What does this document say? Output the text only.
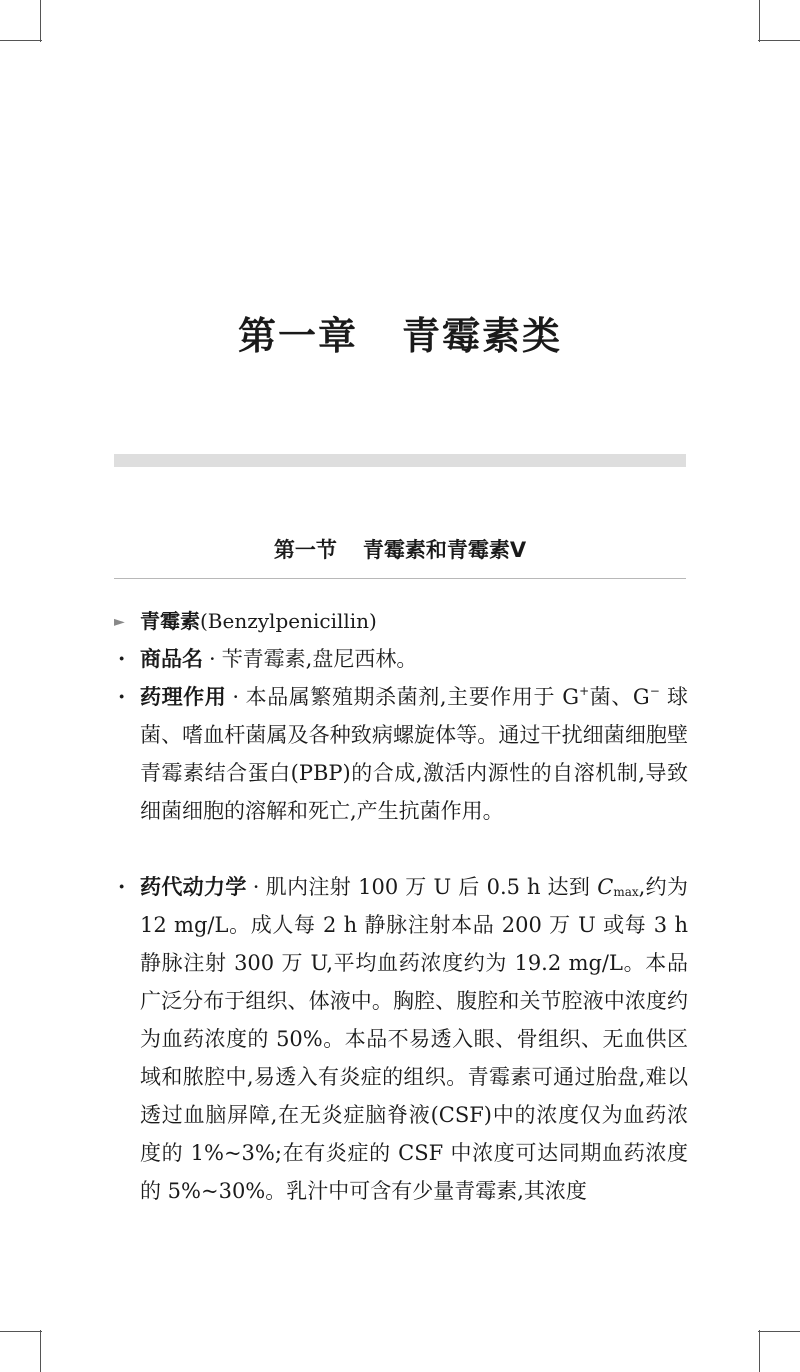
第一章 青霉素类
第一节 青霉素和青霉素Ⅴ
► 青霉素(Benzylpenicillin)

· 商品名 · 苄青霉素,盘尼西林。

· 药理作用 · 本品属繁殖期杀菌剂,主要作用于 G+菌、G− 球菌、嗜血杆菌属及各种致病螺旋体等。通过干扰细菌细胞壁青霉素结合蛋白(PBP)的合成,激活内源性的自溶机制,导致细菌细胞的溶解和死亡,产生抗菌作用。

· 药代动力学 · 肌内注射 100 万 U 后 0.5 h 达到 $C_{max}$,约为 12 mg/L。成人每 2 h 静脉注射本品 200 万 U 或每 3 h 静脉注射 300 万 U,平均血药浓度约为 19.2 mg/L。本品广泛分布于组织、体液中。胸腔、腹腔和关节腔液中浓度约为血药浓度的 50%。本品不易透入眼、骨组织、无血供区域和脓腔中,易透入有炎症的组织。青霉素可通过胎盘,难以透过血脑屏障,在无炎症脑脊液(CSF)中的浓度仅为血药浓度的 1%~3%;在有炎症的 CSF 中浓度可达同期血药浓度的 5%~30%。乳汁中可含有少量青霉素,其浓度
